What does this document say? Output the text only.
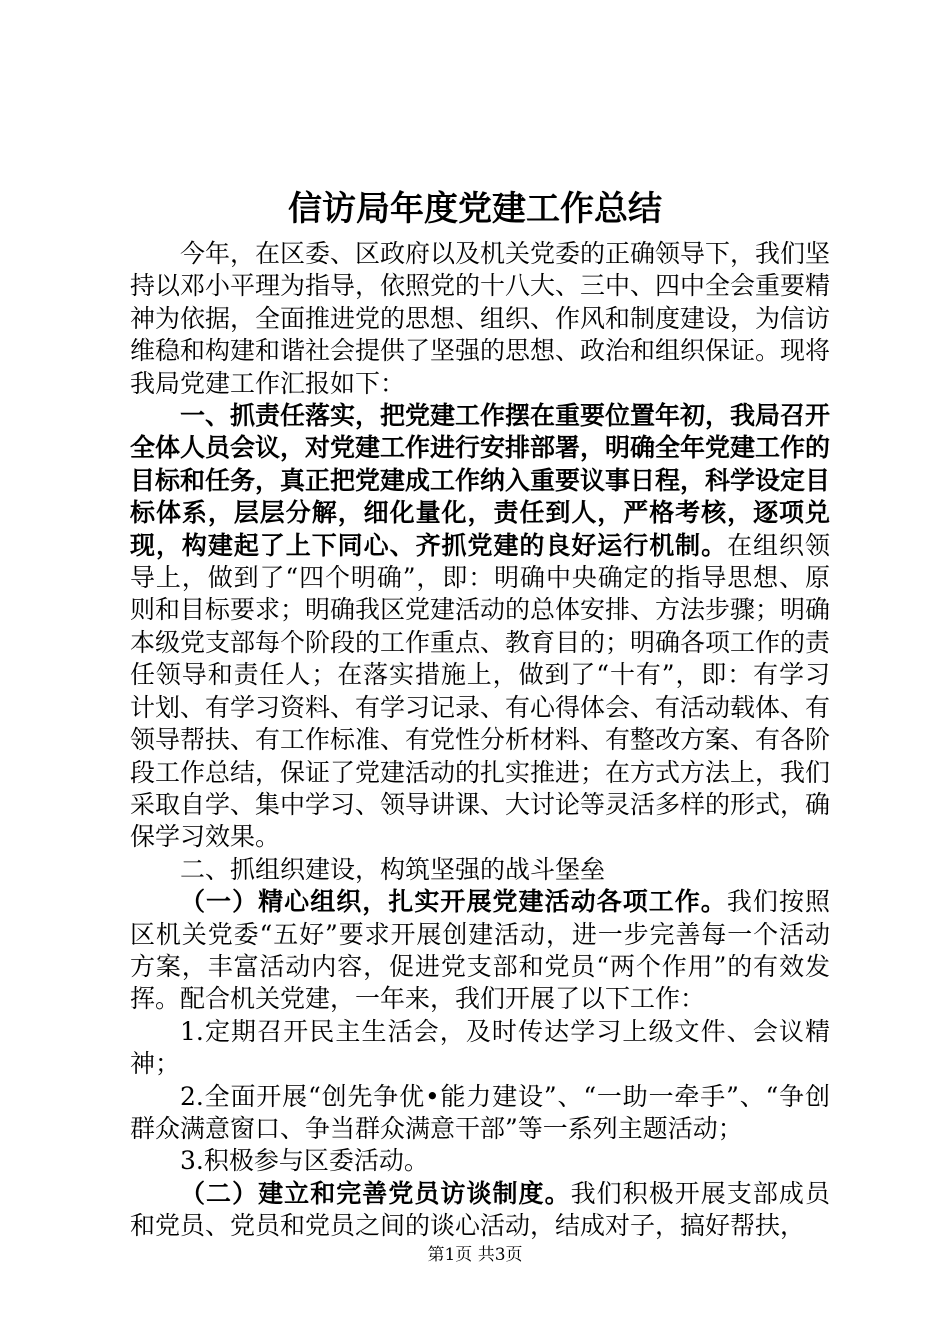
信访局年度党建工作总结

今年，在区委、区政府以及机关党委的正确领导下，我们坚持以邓小平理为指导，依照党的十八大、三中、四中全会重要精神为依据，全面推进党的思想、组织、作风和制度建设，为信访维稳和构建和谐社会提供了坚强的思想、政治和组织保证。现将我局党建工作汇报如下：

一、抓责任落实，把党建工作摆在重要位置年初，我局召开全体人员会议，对党建工作进行安排部署，明确全年党建工作的目标和任务，真正把党建成工作纳入重要议事日程，科学设定目标体系，层层分解，细化量化，责任到人，严格考核，逐项兑现，构建起了上下同心、齐抓党建的良好运行机制。在组织领导上，做到了“四个明确”，即：明确中央确定的指导思想、原则和目标要求；明确我区党建活动的总体安排、方法步骤；明确本级党支部每个阶段的工作重点、教育目的；明确各项工作的责任领导和责任人；在落实措施上，做到了“十有”，即：有学习计划、有学习资料、有学习记录、有心得体会、有活动载体、有领导帮扶、有工作标准、有党性分析材料、有整改方案、有各阶段工作总结，保证了党建活动的扎实推进；在方式方法上，我们采取自学、集中学习、领导讲课、大讨论等灵活多样的形式，确保学习效果。

二、抓组织建设，构筑坚强的战斗堡垒

（一）精心组织，扎实开展党建活动各项工作。我们按照区机关党委“五好”要求开展创建活动，进一步完善每一个活动方案，丰富活动内容，促进党支部和党员“两个作用”的有效发挥。配合机关党建，一年来，我们开展了以下工作：

1.定期召开民主生活会，及时传达学习上级文件、会议精神；

2.全面开展“创先争优•能力建设”、“一助一牵手”、“争创群众满意窗口、争当群众满意干部”等一系列主题活动；

3.积极参与区委活动。

（二）建立和完善党员访谈制度。我们积极开展支部成员和党员、党员和党员之间的谈心活动，结成对子，搞好帮扶，

第1页 共3页
